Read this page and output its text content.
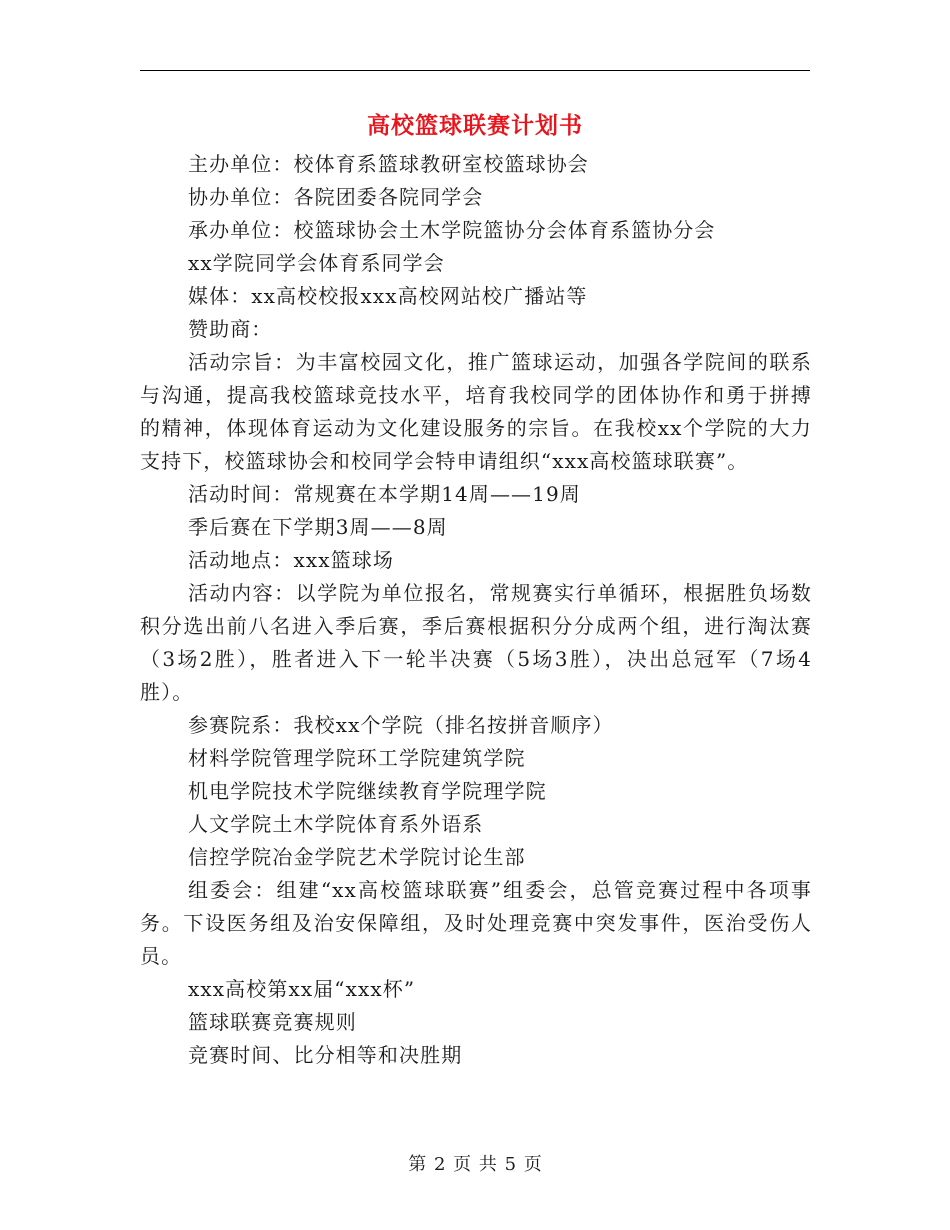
高校篮球联赛计划书

主办单位：校体育系篮球教研室校篮球协会

协办单位：各院团委各院同学会

承办单位：校篮球协会土木学院篮协分会体育系篮协分会

xx学院同学会体育系同学会

媒体：xx高校校报xxx高校网站校广播站等

赞助商：

活动宗旨：为丰富校园文化，推广篮球运动，加强各学院间的联系与沟通，提高我校篮球竞技水平，培育我校同学的团体协作和勇于拼搏的精神，体现体育运动为文化建设服务的宗旨。在我校xx个学院的大力支持下，校篮球协会和校同学会特申请组织“xxx高校篮球联赛”。

活动时间：常规赛在本学期14周——19周

季后赛在下学期3周——8周

活动地点：xxx篮球场

活动内容：以学院为单位报名，常规赛实行单循环，根据胜负场数积分选出前八名进入季后赛，季后赛根据积分分成两个组，进行淘汰赛（3场2胜），胜者进入下一轮半决赛（5场3胜），决出总冠军（7场4胜）。

参赛院系：我校xx个学院（排名按拼音顺序）

材料学院管理学院环工学院建筑学院

机电学院技术学院继续教育学院理学院

人文学院土木学院体育系外语系

信控学院冶金学院艺术学院讨论生部

组委会：组建“xx高校篮球联赛”组委会，总管竞赛过程中各项事务。下设医务组及治安保障组，及时处理竞赛中突发事件，医治受伤人员。

xxx高校第xx届“xxx杯”

篮球联赛竞赛规则

竞赛时间、比分相等和决胜期

第 2 页 共 5 页
